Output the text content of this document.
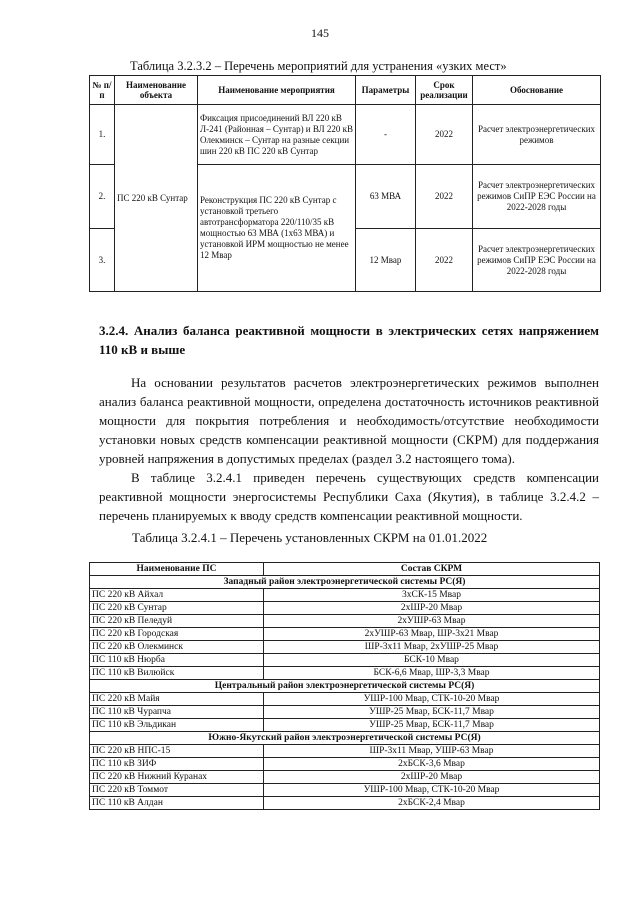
145
Таблица 3.2.3.2 – Перечень мероприятий для устранения «узких мест»
№ п/п	Наименование объекта	Наименование мероприятия	Параметры	Срок реализации	Обоснование
1.	ПС 220 кВ Сунтар	Фиксация присоединений ВЛ 220 кВ Л-241 (Районная – Сунтар) и ВЛ 220 кВ Олекминск – Сунтар на разные секции шин 220 кВ ПС 220 кВ Сунтар	-	2022	Расчет электроэнергетических режимов
2.		Реконструкция ПС 220 кВ Сунтар с установкой третьего автотрансформатора 220/110/35 кВ мощностью 63 МВА (1х63 МВА) и установкой ИРМ мощностью не менее 12 Мвар	63 МВА	2022	Расчет электроэнергетических режимов СиПР ЕЭС России на 2022-2028 годы
3.			12 Мвар	2022	Расчет электроэнергетических режимов СиПР ЕЭС России на 2022-2028 годы
3.2.4. Анализ баланса реактивной мощности в электрических сетях напряжением 110 кВ и выше
На основании результатов расчетов электроэнергетических режимов выполнен анализ баланса реактивной мощности, определена достаточность источников реактивной мощности для покрытия потребления и необходимость/отсутствие необходимости установки новых средств компенсации реактивной мощности (СКРМ) для поддержания уровней напряжения в допустимых пределах (раздел 3.2 настоящего тома).
В таблице 3.2.4.1 приведен перечень существующих средств компенсации реактивной мощности энергосистемы Республики Саха (Якутия), в таблице 3.2.4.2 – перечень планируемых к вводу средств компенсации реактивной мощности.
Таблица 3.2.4.1 – Перечень установленных СКРМ на 01.01.2022
Наименование ПС	Состав СКРМ
Западный район электроэнергетической системы РС(Я)	
ПС 220 кВ Айхал	3хСК-15 Мвар
ПС 220 кВ Сунтар	2хШР-20 Мвар
ПС 220 кВ Пеледуй	2хУШР-63 Мвар
ПС 220 кВ Городская	2хУШР-63 Мвар, ШР-3х21 Мвар
ПС 220 кВ Олекминск	ШР-3х11 Мвар, 2хУШР-25 Мвар
ПС 110 кВ Нюрба	БСК-10 Мвар
ПС 110 кВ Вилюйск	БСК-6,6 Мвар, ШР-3,3 Мвар
Центральный район электроэнергетической системы РС(Я)	
ПС 220 кВ Майя	УШР-100 Мвар, СТК-10-20 Мвар
ПС 110 кВ Чурапча	УШР-25 Мвар, БСК-11,7 Мвар
ПС 110 кВ Эльдикан	УШР-25 Мвар, БСК-11,7 Мвар
Южно-Якутский район электроэнергетической системы РС(Я)	
ПС 220 кВ НПС-15	ШР-3х11 Мвар, УШР-63 Мвар
ПС 110 кВ ЗИФ	2хБСК-3,6 Мвар
ПС 220 кВ Нижний Куранах	2хШР-20 Мвар
ПС 220 кВ Томмот	УШР-100 Мвар, СТК-10-20 Мвар
ПС 110 кВ Алдан	2хБСК-2,4 Мвар
